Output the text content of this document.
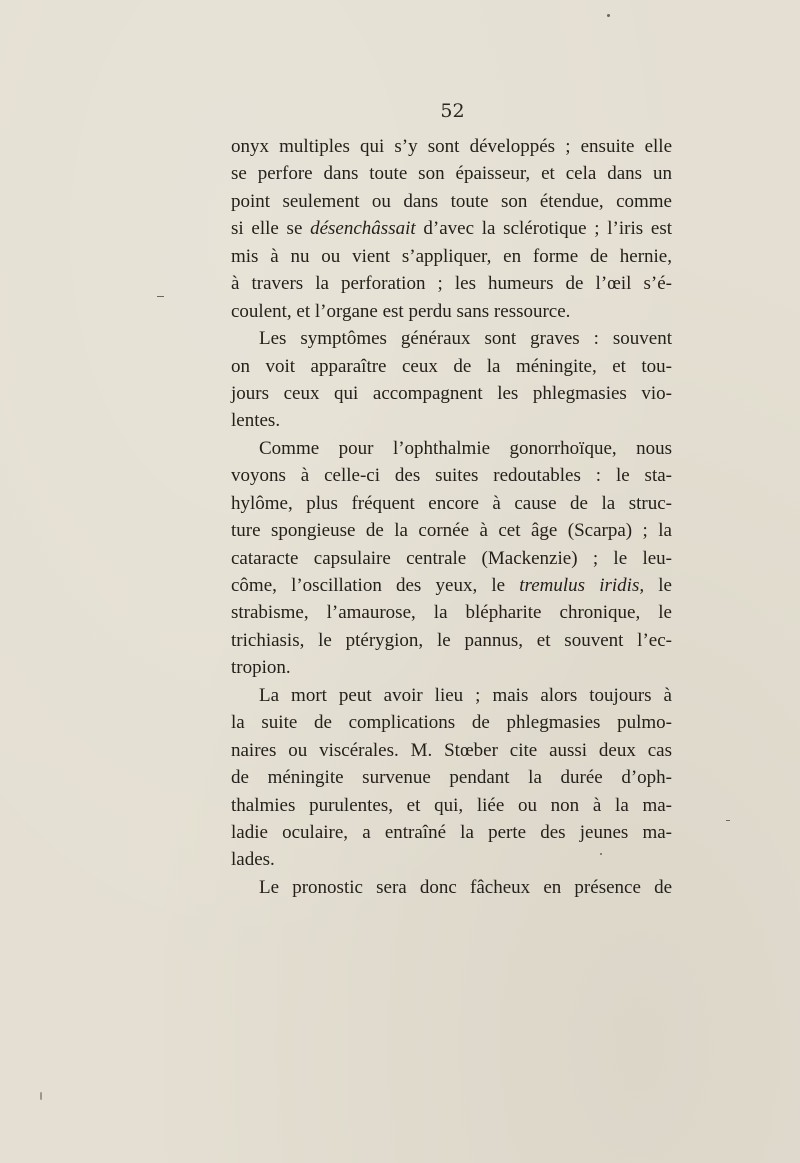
52
onyx multiples qui s’y sont développés ; ensuite elle
se perfore dans toute son épaisseur, et cela dans un
point seulement ou dans toute son étendue, comme
si elle se désenchâssait d’avec la sclérotique ; l’iris est
mis à nu ou vient s’appliquer, en forme de hernie,
à travers la perforation ; les humeurs de l’œil s’é-
coulent, et l’organe est perdu sans ressource.
Les symptômes généraux sont graves : souvent
on voit apparaître ceux de la méningite, et tou-
jours ceux qui accompagnent les phlegmasies vio-
lentes.
Comme pour l’ophthalmie gonorrhoïque, nous
voyons à celle-ci des suites redoutables : le sta-
hylôme, plus fréquent encore à cause de la struc-
ture spongieuse de la cornée à cet âge (Scarpa) ; la
cataracte capsulaire centrale (Mackenzie) ; le leu-
côme, l’oscillation des yeux, le tremulus iridis, le
strabisme, l’amaurose, la blépharite chronique, le
trichiasis, le ptérygion, le pannus, et souvent l’ec-
tropion.
La mort peut avoir lieu ; mais alors toujours à
la suite de complications de phlegmasies pulmo-
naires ou viscérales. M. Stœber cite aussi deux cas
de méningite survenue pendant la durée d’oph-
thalmies purulentes, et qui, liée ou non à la ma-
ladie oculaire, a entraîné la perte des jeunes ma-
lades.
Le pronostic sera donc fâcheux en présence de
